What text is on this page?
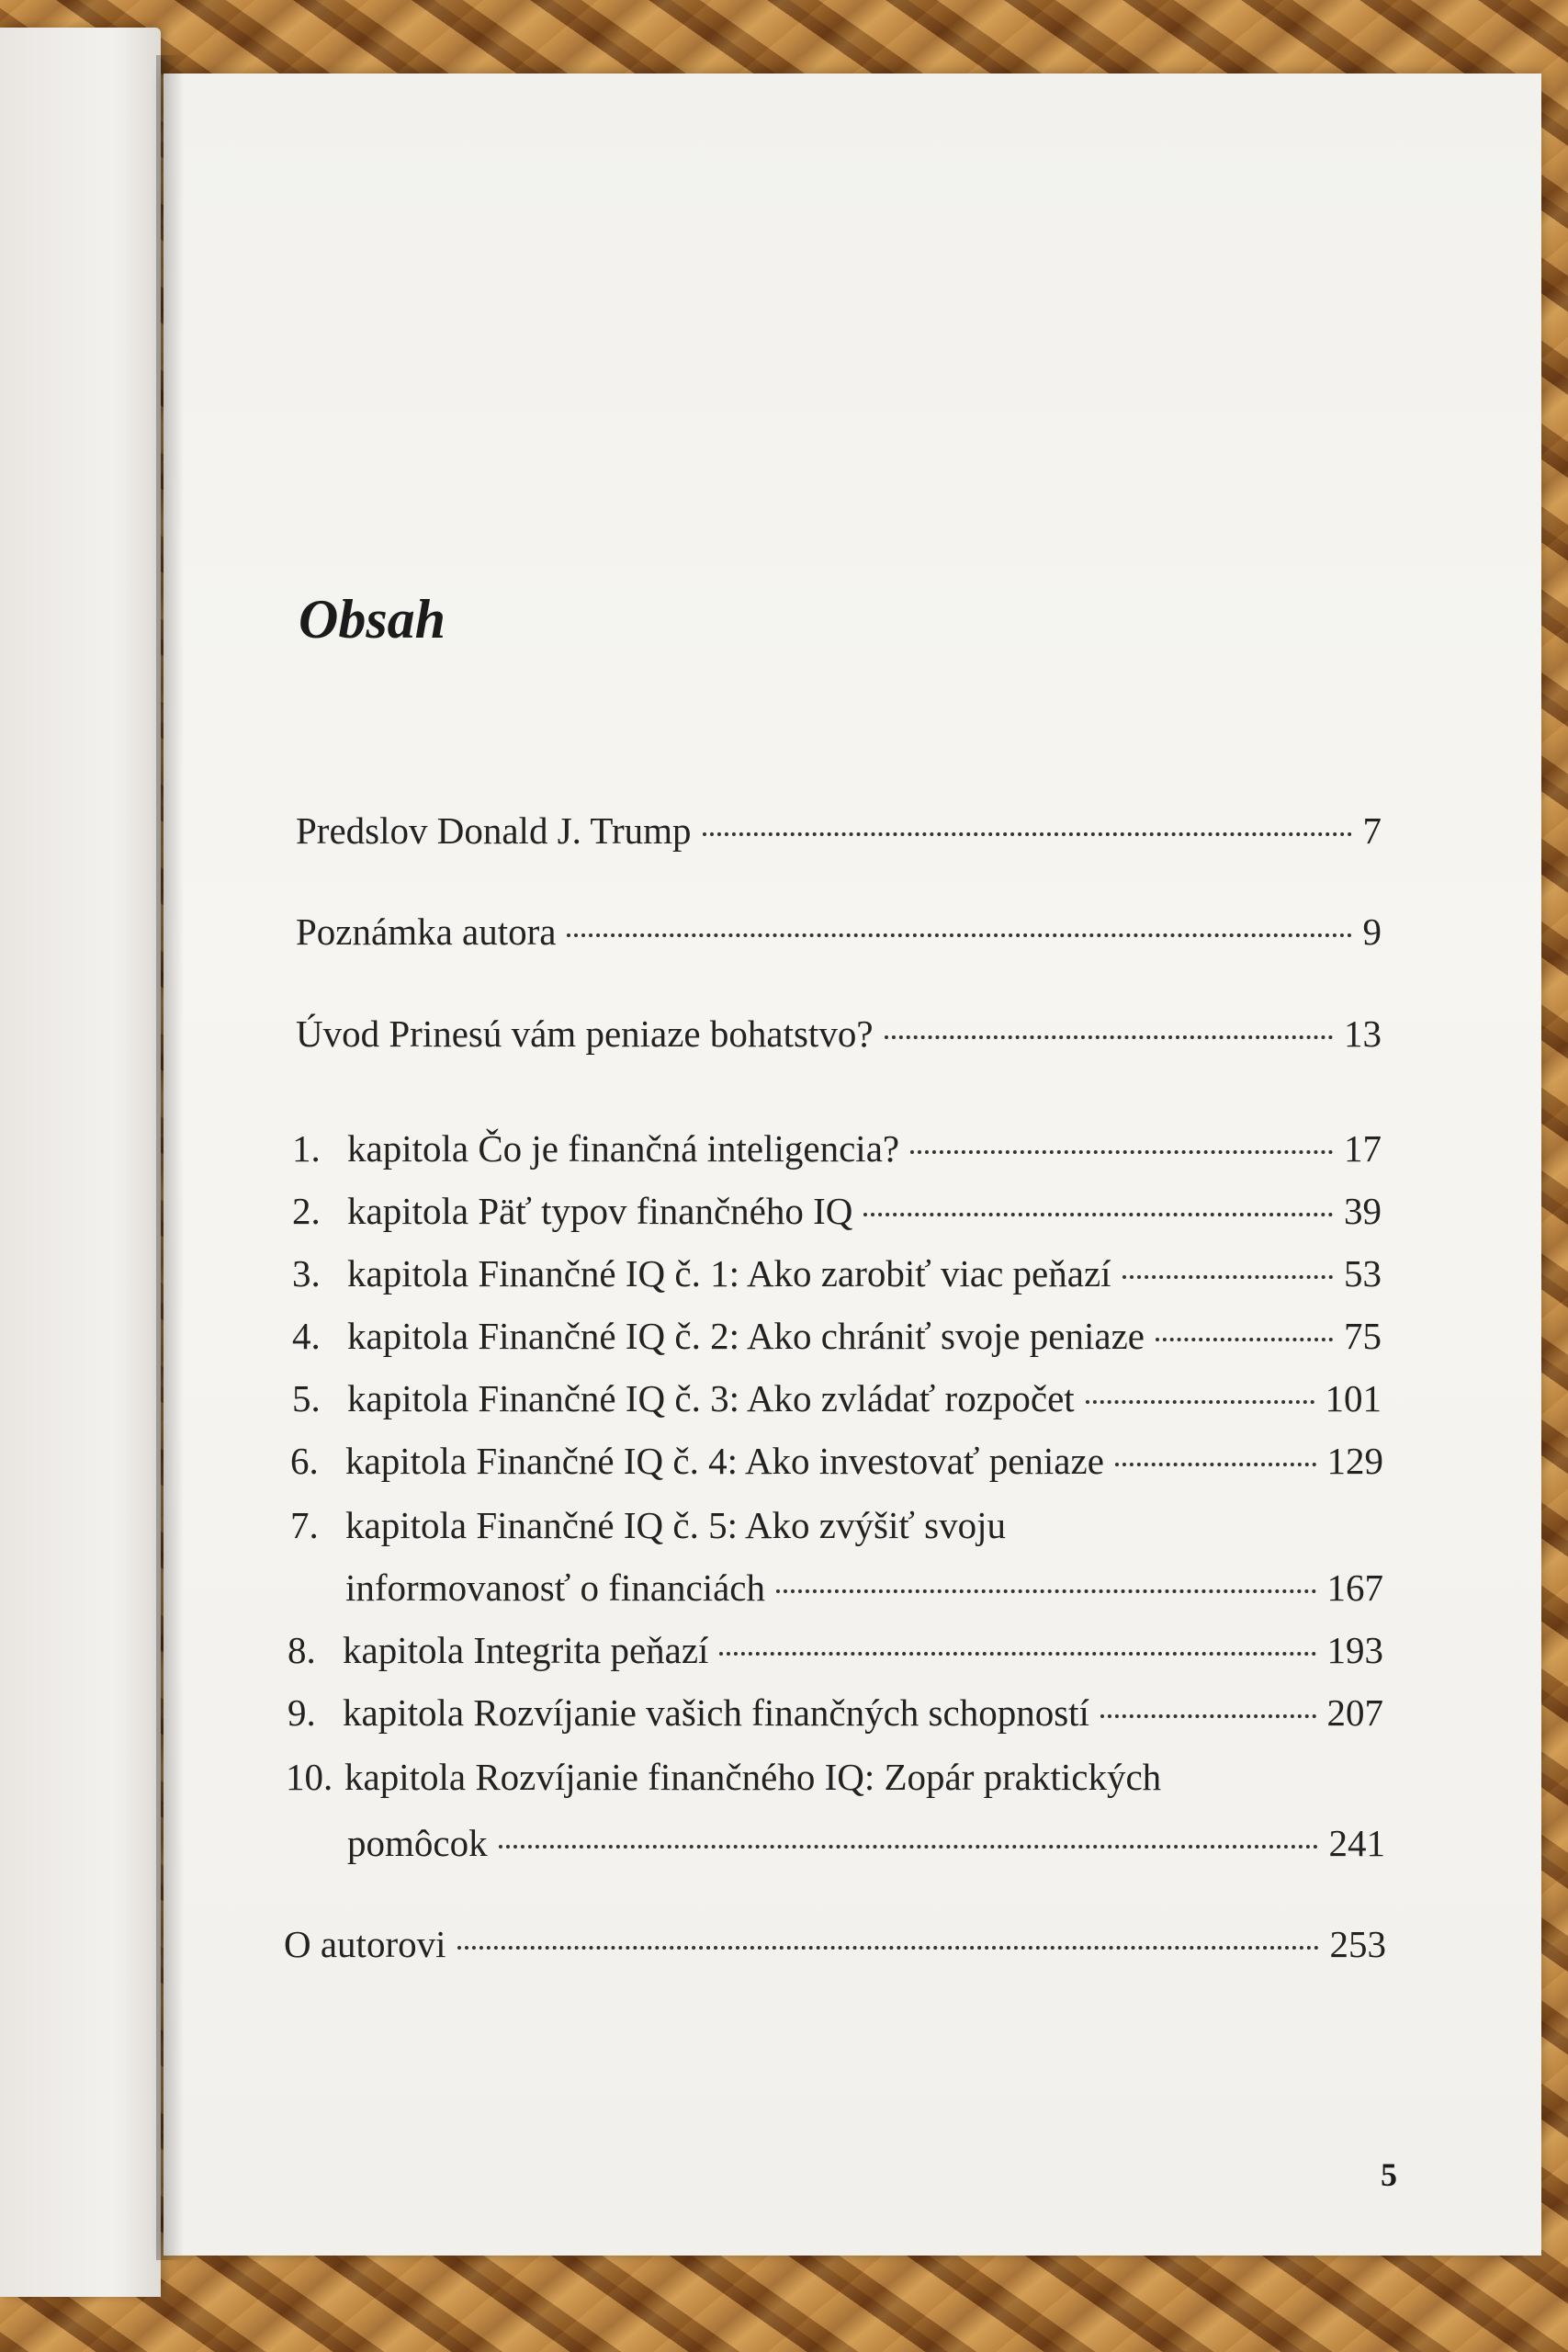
Obsah
Predslov Donald J. Trump	7
Poznámka autora	9
Úvod Prinesú vám peniaze bohatstvo?	13
1. kapitola Čo je finančná inteligencia?	17
2. kapitola Päť typov finančného IQ	39
3. kapitola Finančné IQ č. 1: Ako zarobiť viac peňazí	53
4. kapitola Finančné IQ č. 2: Ako chrániť svoje peniaze	75
5. kapitola Finančné IQ č. 3: Ako zvládať rozpočet	101
6. kapitola Finančné IQ č. 4: Ako investovať peniaze	129
7. kapitola Finančné IQ č. 5: Ako zvýšiť svoju
informovanosť o financiách	167
8. kapitola Integrita peňazí	193
9. kapitola Rozvíjanie vašich finančných schopností	207
10. kapitola Rozvíjanie finančného IQ: Zopár praktických
pomôcok	241
O autorovi	253
5
